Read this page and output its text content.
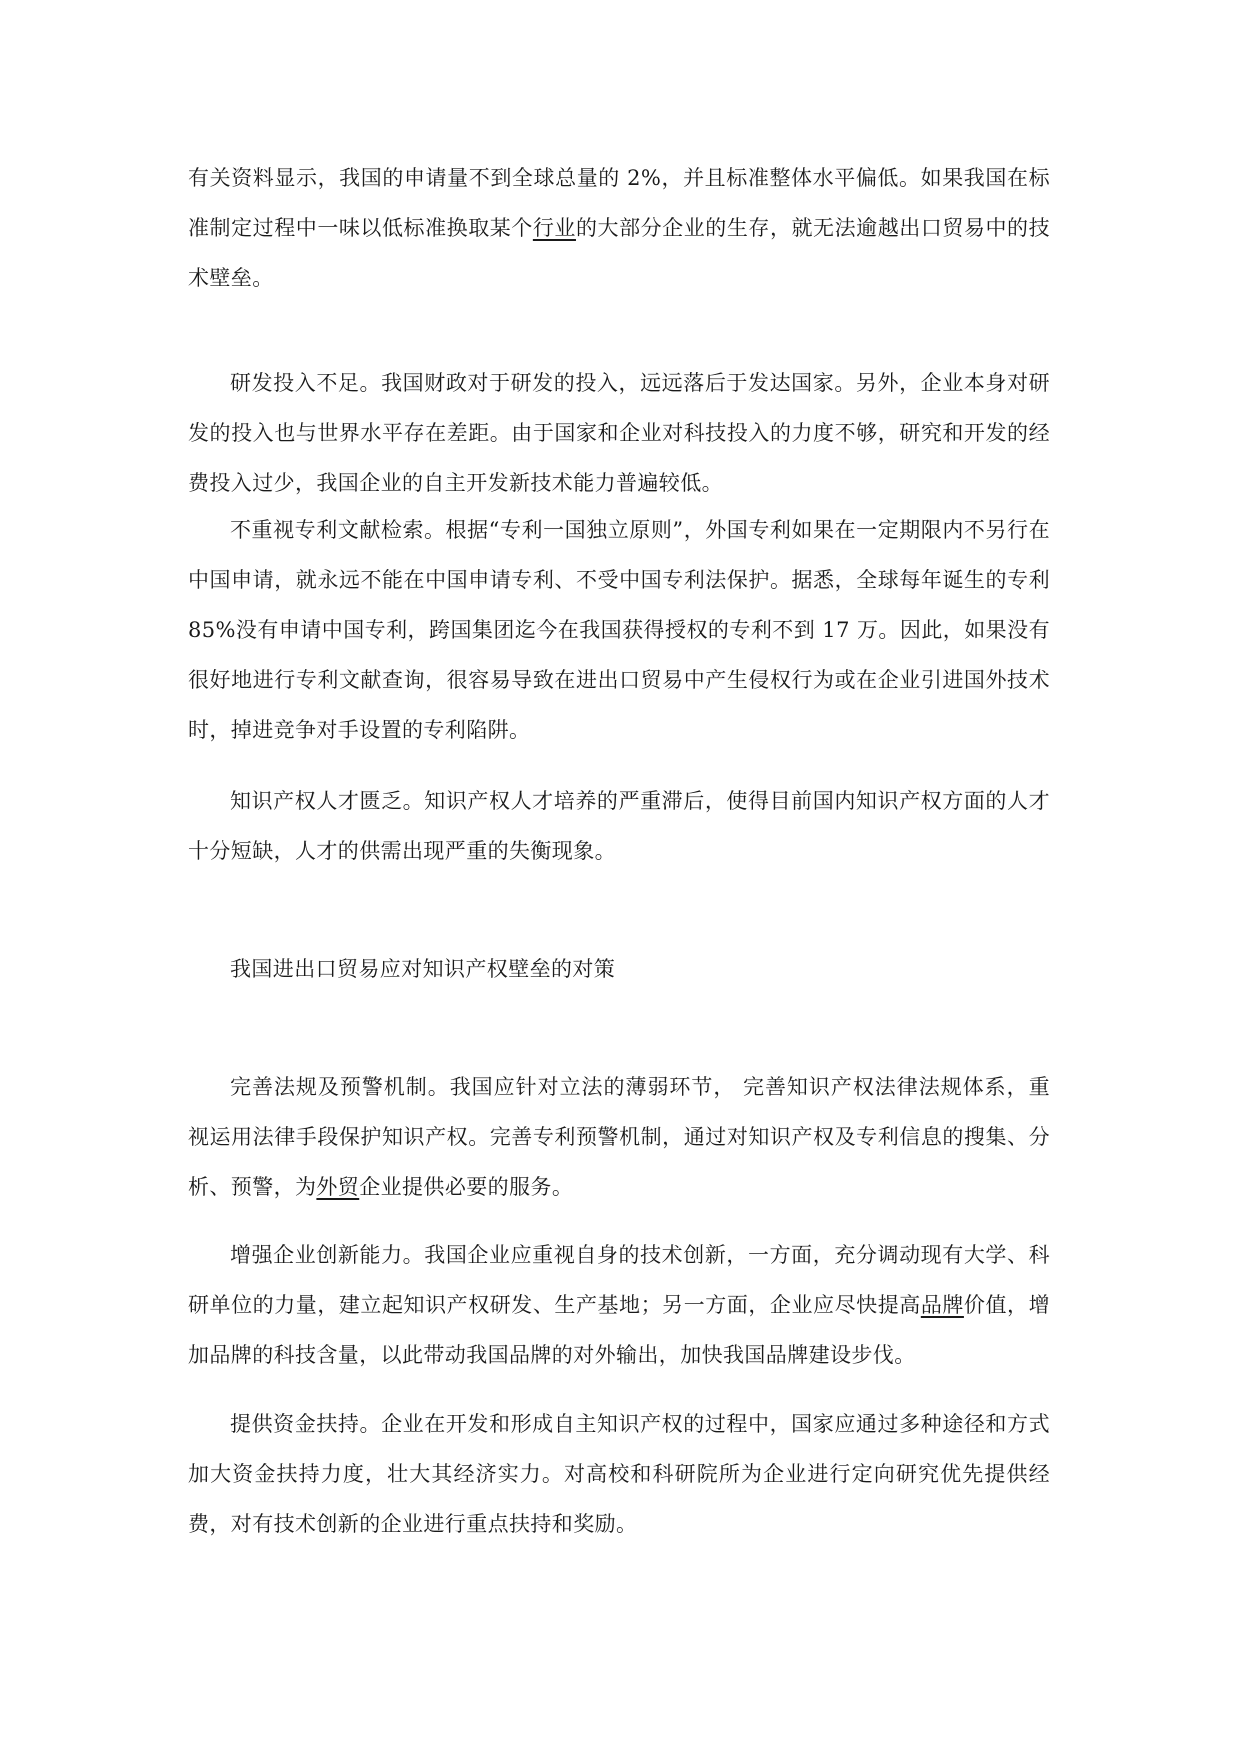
有关资料显示，我国的申请量不到全球总量的 2%，并且标准整体水平偏低。如果我国在标准制定过程中一味以低标准换取某个行业的大部分企业的生存，就无法逾越出口贸易中的技术壁垒。

研发投入不足。我国财政对于研发的投入，远远落后于发达国家。另外，企业本身对研发的投入也与世界水平存在差距。由于国家和企业对科技投入的力度不够，研究和开发的经费投入过少，我国企业的自主开发新技术能力普遍较低。

不重视专利文献检索。根据“专利一国独立原则”，外国专利如果在一定期限内不另行在中国申请，就永远不能在中国申请专利、不受中国专利法保护。据悉，全球每年诞生的专利 85%没有申请中国专利，跨国集团迄今在我国获得授权的专利不到 17 万。因此，如果没有很好地进行专利文献查询，很容易导致在进出口贸易中产生侵权行为或在企业引进国外技术时，掉进竞争对手设置的专利陷阱。

知识产权人才匮乏。知识产权人才培养的严重滞后，使得目前国内知识产权方面的人才十分短缺，人才的供需出现严重的失衡现象。

我国进出口贸易应对知识产权壁垒的对策

完善法规及预警机制。我国应针对立法的薄弱环节， 完善知识产权法律法规体系，重视运用法律手段保护知识产权。完善专利预警机制，通过对知识产权及专利信息的搜集、分析、预警，为外贸企业提供必要的服务。

增强企业创新能力。我国企业应重视自身的技术创新，一方面，充分调动现有大学、科研单位的力量，建立起知识产权研发、生产基地；另一方面，企业应尽快提高品牌价值，增加品牌的科技含量，以此带动我国品牌的对外输出，加快我国品牌建设步伐。

提供资金扶持。企业在开发和形成自主知识产权的过程中，国家应通过多种途径和方式加大资金扶持力度，壮大其经济实力。对高校和科研院所为企业进行定向研究优先提供经费，对有技术创新的企业进行重点扶持和奖励。
